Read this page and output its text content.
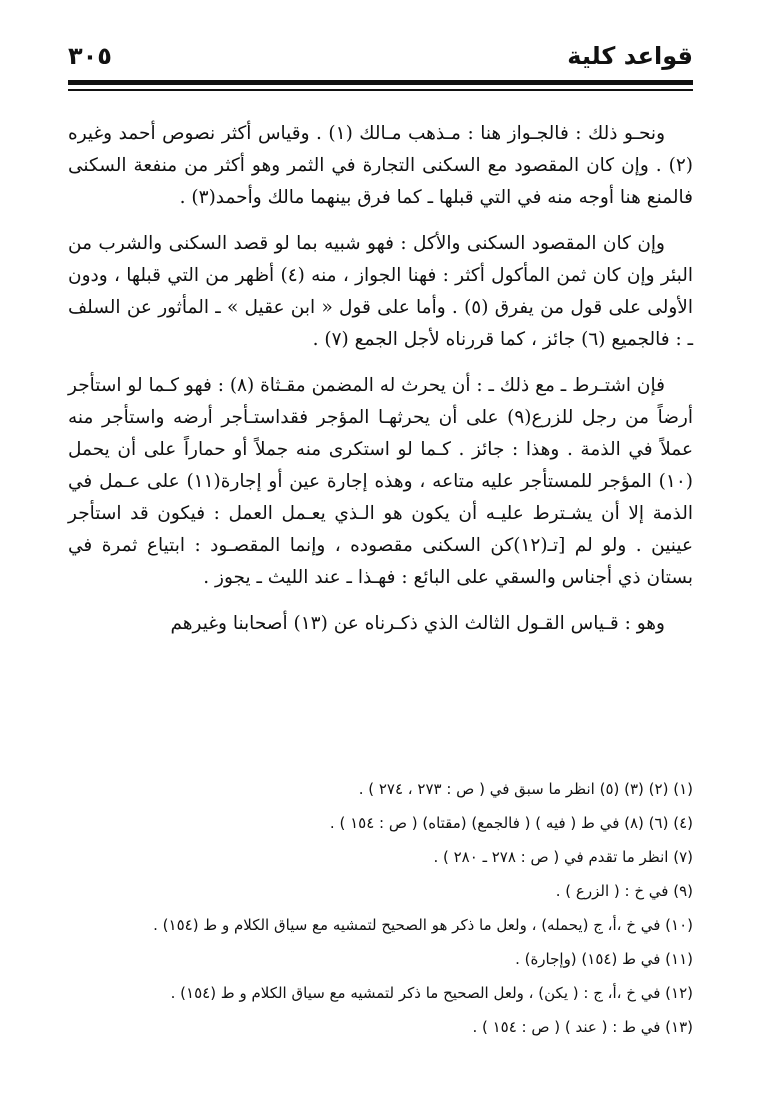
قواعد كلية
٣٠٥

ونحـو ذلك : فالجـواز هنا : مـذهب مـالك (١) . وقياس أكثر نصوص أحمد وغيره (٢) . وإن كان المقصود مع السكنى التجارة في الثمر وهو أكثر من منفعة السكنى فالمنع هنا أوجه منه في التي قبلها ـ كما فرق بينهما مالك وأحمد(٣) .

وإن كان المقصود السكنى والأكل : فهو شبيه بما لو قصد السكنى والشرب من البئر وإن كان ثمن المأكول أكثر : فهنا الجواز ، منه (٤) أظهر من التي قبلها ، ودون الأولى على قول من يفرق (٥) . وأما على قول « ابن عقيل » ـ المأثور عن السلف ـ : فالجميع (٦) جائز ، كما قررناه لأجل الجمع (٧) .

فإن اشتـرط ـ مع ذلك ـ : أن يحرث له المضمن مقـثاة (٨) : فهو كـما لو استأجر أرضاً من رجل للزرع(٩) على أن يحرثهـا المؤجر فقداستـأجر أرضه واستأجر منه عملاً في الذمة . وهذا : جائز . كـما لو استكرى منه جملاً أو حماراً على أن يحمل (١٠) المؤجر للمستأجر عليه متاعه ، وهذه إجارة عين أو إجارة(١١) على عـمل في الذمة إلا أن يشـترط عليـه أن يكون هو الـذي يعـمل العمل : فيكون قد استأجر عينين . ولو لم [تـ(١٢)كن السكنى مقصوده ، وإنما المقصـود : ابتياع ثمرة في بستان ذي أجناس والسقي على البائع : فهـذا ـ عند الليث ـ يجوز .

وهو : قـياس القـول الثالث الذي ذكـرناه عن (١٣) أصحابنا وغيرهم

(١) (٢) (٣) (٥) انظر ما سبق في ( ص : ٢٧٣ ، ٢٧٤ ) .
(٤) (٦) (٨) في ط ( فيه ) ( فالجمع) (مقتاه) ( ص : ١٥٤ ) .
(٧) انظر ما تقدم في ( ص : ٢٧٨ ـ ٢٨٠ ) .
(٩) في خ : ( الزرع ) .
(١٠) في خ ،أ، ج (يحمله) ، ولعل ما ذكر هو الصحيح لتمشيه مع سياق الكلام و ط (١٥٤) .
(١١) في ط (١٥٤) (وإجارة) .
(١٢) في خ ،أ، ج : ( يكن) ، ولعل الصحيح ما ذكر لتمشيه مع سياق الكلام و ط (١٥٤) .
(١٣) في ط : ( عند ) ( ص : ١٥٤ ) .
